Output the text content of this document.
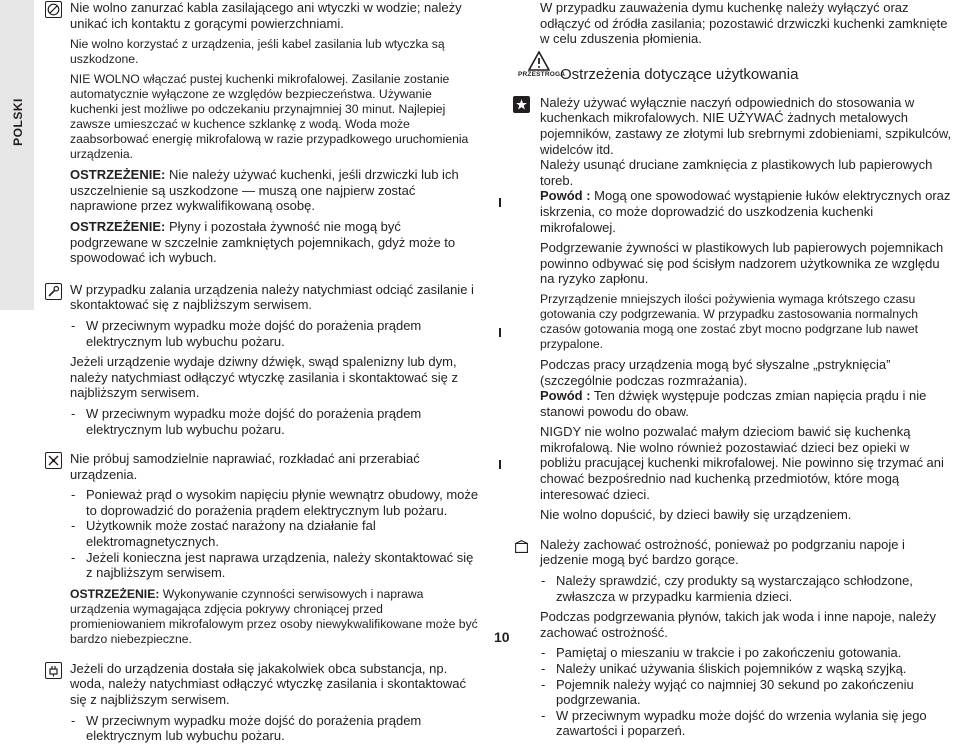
POLSKI

Nie wolno zanurzać kabla zasilającego ani wtyczki w wodzie; należy unikać ich kontaktu z gorącymi powierzchniami.

Nie wolno korzystać z urządzenia, jeśli kabel zasilania lub wtyczka są uszkodzone.

NIE WOLNO włączać pustej kuchenki mikrofalowej. Zasilanie zostanie automatycznie wyłączone ze względów bezpieczeństwa. Używanie kuchenki jest możliwe po odczekaniu przynajmniej 30 minut. Najlepiej zawsze umieszczać w kuchence szklankę z wodą. Woda może zaabsorbować energię mikrofalową w razie przypadkowego uruchomienia urządzenia.

OSTRZEŻENIE: Nie należy używać kuchenki, jeśli drzwiczki lub ich uszczelnienie są uszkodzone — muszą one najpierw zostać naprawione przez wykwalifikowaną osobę.

OSTRZEŻENIE: Płyny i pozostała żywność nie mogą być podgrzewane w szczelnie zamkniętych pojemnikach, gdyż może to spowodować ich wybuch.

W przypadku zalania urządzenia należy natychmiast odciąć zasilanie i skontaktować się z najbliższym serwisem.

- W przeciwnym wypadku może dojść do porażenia prądem elektrycznym lub wybuchu pożaru.

Jeżeli urządzenie wydaje dziwny dźwięk, swąd spalenizny lub dym, należy natychmiast odłączyć wtyczkę zasilania i skontaktować się z najbliższym serwisem.

- W przeciwnym wypadku może dojść do porażenia prądem elektrycznym lub wybuchu pożaru.

Nie próbuj samodzielnie naprawiać, rozkładać ani przerabiać urządzenia.

- Ponieważ prąd o wysokim napięciu płynie wewnątrz obudowy, może to doprowadzić do porażenia prądem elektrycznym lub pożaru.
- Użytkownik może zostać narażony na działanie fal elektromagnetycznych.
- Jeżeli konieczna jest naprawa urządzenia, należy skontaktować się z najbliższym serwisem.

OSTRZEŻENIE: Wykonywanie czynności serwisowych i naprawa urządzenia wymagająca zdjęcia pokrywy chroniącej przed promieniowaniem mikrofalowym przez osoby niewykwalifikowane może być bardzo niebezpieczne.

Jeżeli do urządzenia dostała się jakakolwiek obca substancja, np. woda, należy natychmiast odłączyć wtyczkę zasilania i skontaktować się z najbliższym serwisem.

- W przeciwnym wypadku może dojść do porażenia prądem elektrycznym lub wybuchu pożaru.
10

W przypadku zauważenia dymu kuchenkę należy wyłączyć oraz odłączyć od źródła zasilania; pozostawić drzwiczki kuchenki zamknięte w celu zduszenia płomienia.

PRZESTROGA
Ostrzeżenia dotyczące użytkowania

Należy używać wyłącznie naczyń odpowiednich do stosowania w kuchenkach mikrofalowych. NIE UŻYWAĆ żadnych metalowych pojemników, zastawy ze złotymi lub srebrnymi zdobieniami, szpikulców, widelców itd.

Należy usunąć druciane zamknięcia z plastikowych lub papierowych toreb.

Powód : Mogą one spowodować wystąpienie łuków elektrycznych oraz iskrzenia, co może doprowadzić do uszkodzenia kuchenki mikrofalowej.

Podgrzewanie żywności w plastikowych lub papierowych pojemnikach powinno odbywać się pod ścisłym nadzorem użytkownika ze względu na ryzyko zapłonu.

Przyrządzenie mniejszych ilości pożywienia wymaga krótszego czasu gotowania czy podgrzewania. W przypadku zastosowania normalnych czasów gotowania mogą one zostać zbyt mocno podgrzane lub nawet przypalone.

Podczas pracy urządzenia mogą być słyszalne „pstryknięcia” (szczególnie podczas rozmrażania).

Powód : Ten dźwięk występuje podczas zmian napięcia prądu i nie stanowi powodu do obaw.

NIGDY nie wolno pozwalać małym dzieciom bawić się kuchenką mikrofalową. Nie wolno również pozostawiać dzieci bez opieki w pobliżu pracującej kuchenki mikrofalowej. Nie powinno się trzymać ani chować bezpośrednio nad kuchenką przedmiotów, które mogą interesować dzieci.

Nie wolno dopuścić, by dzieci bawiły się urządzeniem.

Należy zachować ostrożność, ponieważ po podgrzaniu napoje i jedzenie mogą być bardzo gorące.

- Należy sprawdzić, czy produkty są wystarczająco schłodzone, zwłaszcza w przypadku karmienia dzieci.

Podczas podgrzewania płynów, takich jak woda i inne napoje, należy zachować ostrożność.

- Pamiętaj o mieszaniu w trakcie i po zakończeniu gotowania.
- Należy unikać używania śliskich pojemników z wąską szyjką.
- Pojemnik należy wyjąć co najmniej 30 sekund po zakończeniu podgrzewania.
- W przeciwnym wypadku może dojść do wrzenia wylania się jego zawartości i poparzeń.
